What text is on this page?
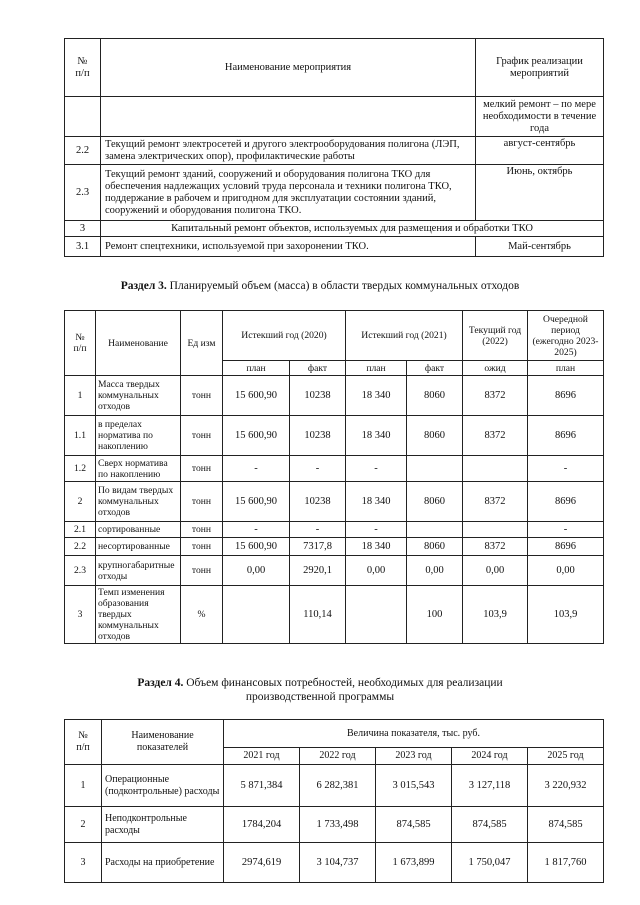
№
п/п	Наименование мероприятия	График реализации мероприятий
		мелкий ремонт – по мере необходимости в течение года
2.2	Текущий ремонт электросетей и другого электрооборудования полигона (ЛЭП, замена электрических опор), профилактические работы	август-сентябрь
2.3	Текущий ремонт зданий, сооружений и оборудования полигона ТКО для обеспечения надлежащих условий труда персонала и техники полигона ТКО, поддержание в рабочем и пригодном для эксплуатации состоянии зданий, сооружений и оборудования полигона ТКО.	Июнь, октябрь
3	Капитальный ремонт объектов, используемых для размещения и обработки ТКО	
3.1	Ремонт спецтехники, используемой при захоронении ТКО.	Май-сентябрь
Раздел 3. Планируемый объем (масса) в области твердых коммунальных отходов
№
п/п	Наименование	Ед изм	Истекший год (2020)		Истекший год (2021)		Текущий год (2022)	Очередной период (ежегодно 2023-2025)
			план	факт	план	факт	ожид	план
1	Масса твердых коммунальных отходов	тонн	15 600,90	10238	18 340	8060	8372	8696
1.1	в пределах норматива по накоплению	тонн	15 600,90	10238	18 340	8060	8372	8696
1.2	Сверх норматива по накоплению	тонн	-	-	-			-
2	По видам твердых коммунальных отходов	тонн	15 600,90	10238	18 340	8060	8372	8696
2.1	сортированные	тонн	-	-	-			-
2.2	несортированные	тонн	15 600,90	7317,8	18 340	8060	8372	8696
2.3	крупногабаритные отходы	тонн	0,00	2920,1	0,00	0,00	0,00	0,00
3	Темп изменения образования твердых коммунальных отходов	%		110,14		100	103,9	103,9
Раздел 4. Объем финансовых потребностей, необходимых для реализации
производственной программы
№
п/п	Наименование показателей	Величина показателя, тыс. руб.				
		2021 год	2022 год	2023 год	2024 год	2025 год
1	Операционные (подконтрольные) расходы	5 871,384	6 282,381	3 015,543	3 127,118	3 220,932
2	Неподконтрольные расходы	1784,204	1 733,498	874,585	874,585	874,585
3	Расходы на приобретение	2974,619	3 104,737	1 673,899	1 750,047	1 817,760
